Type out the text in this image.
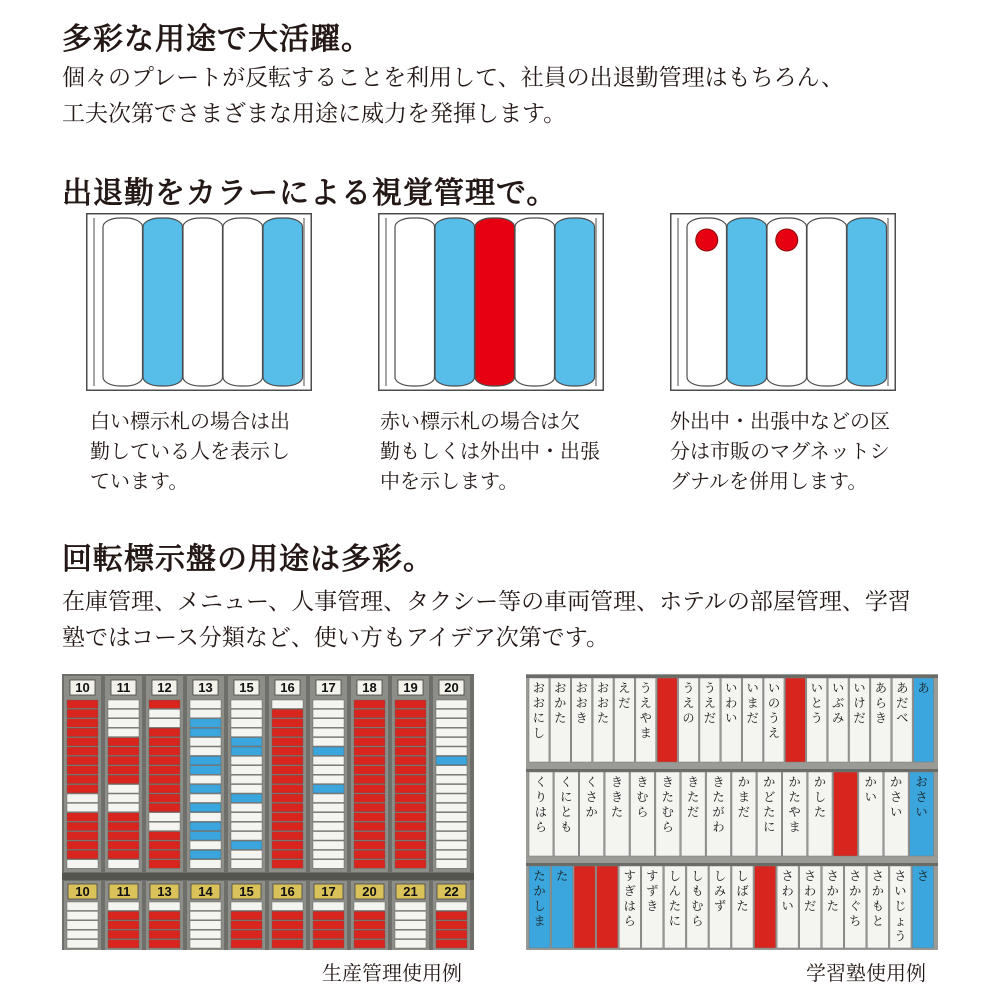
多彩な用途で大活躍。
個々のプレートが反転することを利用して、社員の出退勤管理はもちろん、
工夫次第でさまざまな用途に威力を発揮します。
出退勤をカラーによる視覚管理で。
白い標示札の場合は出
勤している人を表示し
ています。
赤い標示札の場合は欠
勤もしくは外出中・出張
中を示します。
外出中・出張中などの区
分は市販のマグネットシ
グナルを併用します。
回転標示盤の用途は多彩。
在庫管理、メニュー、人事管理、タクシー等の車両管理、ホテルの部屋管理、学習
塾ではコース分類など、使い方もアイデア次第です。
10 11 12 13 15 16 17 18 19 20
10 11 13 14 15 16 17 20 21 22
生産管理使用例
お
お
に
し
お
か
た
お
お
き
お
お
た
え
だ
う
え
や
ま
う
え
の
う
え
だ
い
わ
い
い
ま
だ
い
の
う
え
い
と
う
い
ぶ
み
い
け
だ
あ
ら
き
あ
だ
べ
あ
く
り
は
ら
く
に
と
も
く
さ
か
き
き
た
き
む
ら
き
た
む
ら
き
た
だ
き
た
が
わ
か
ま
だ
か
ど
た
に
か
た
や
ま
か
し
た
か
い
か
さ
い
お
さ
い
た
か
し
ま
た	す
ぎ
は
ら
す
ず
き
し
ん
た
に
し
も
む
ら
し
み
ず
し
ば
た
さ
わ
い
さ
わ
だ
さ
か
た
さ
か
ぐ
ち
さ
か
も
と
さ
い
じ
ょ
う
さ
学習塾使用例
